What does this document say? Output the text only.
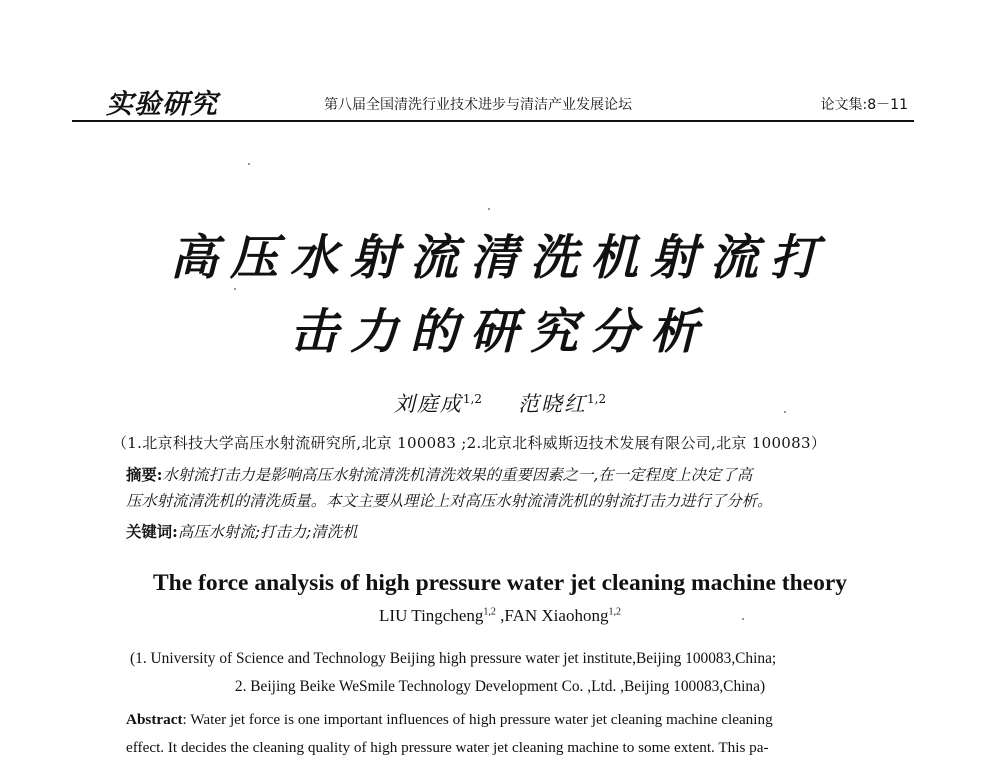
实验研究	第八届全国清洗行业技术进步与清洁产业发展论坛	论文集:8－11
高压水射流清洗机射流打
击力的研究分析
刘庭成$^{1,2}$ 范晓红$^{1,2}$
（1.北京科技大学高压水射流研究所,北京 100083 ;2.北京北科威斯迈技术发展有限公司,北京 100083）
摘要:水射流打击力是影响高压水射流清洗机清洗效果的重要因素之一,在一定程度上决定了高
压水射流清洗机的清洗质量。本文主要从理论上对高压水射流清洗机的射流打击力进行了分析。
关键词:高压水射流;打击力;清洗机
The force analysis of high pressure water jet cleaning machine theory
LIU Tingcheng$^{1,2}$ ,FAN Xiaohong$^{1,2}$
(1. University of Science and Technology Beijing high pressure water jet institute,Beijing 100083,China;
2. Beijing Beike WeSmile Technology Development Co. ,Ltd. ,Beijing 100083,China)
Abstract: Water jet force is one important influences of high pressure water jet cleaning machine cleaning
effect. It decides the cleaning quality of high pressure water jet cleaning machine to some extent. This pa-
